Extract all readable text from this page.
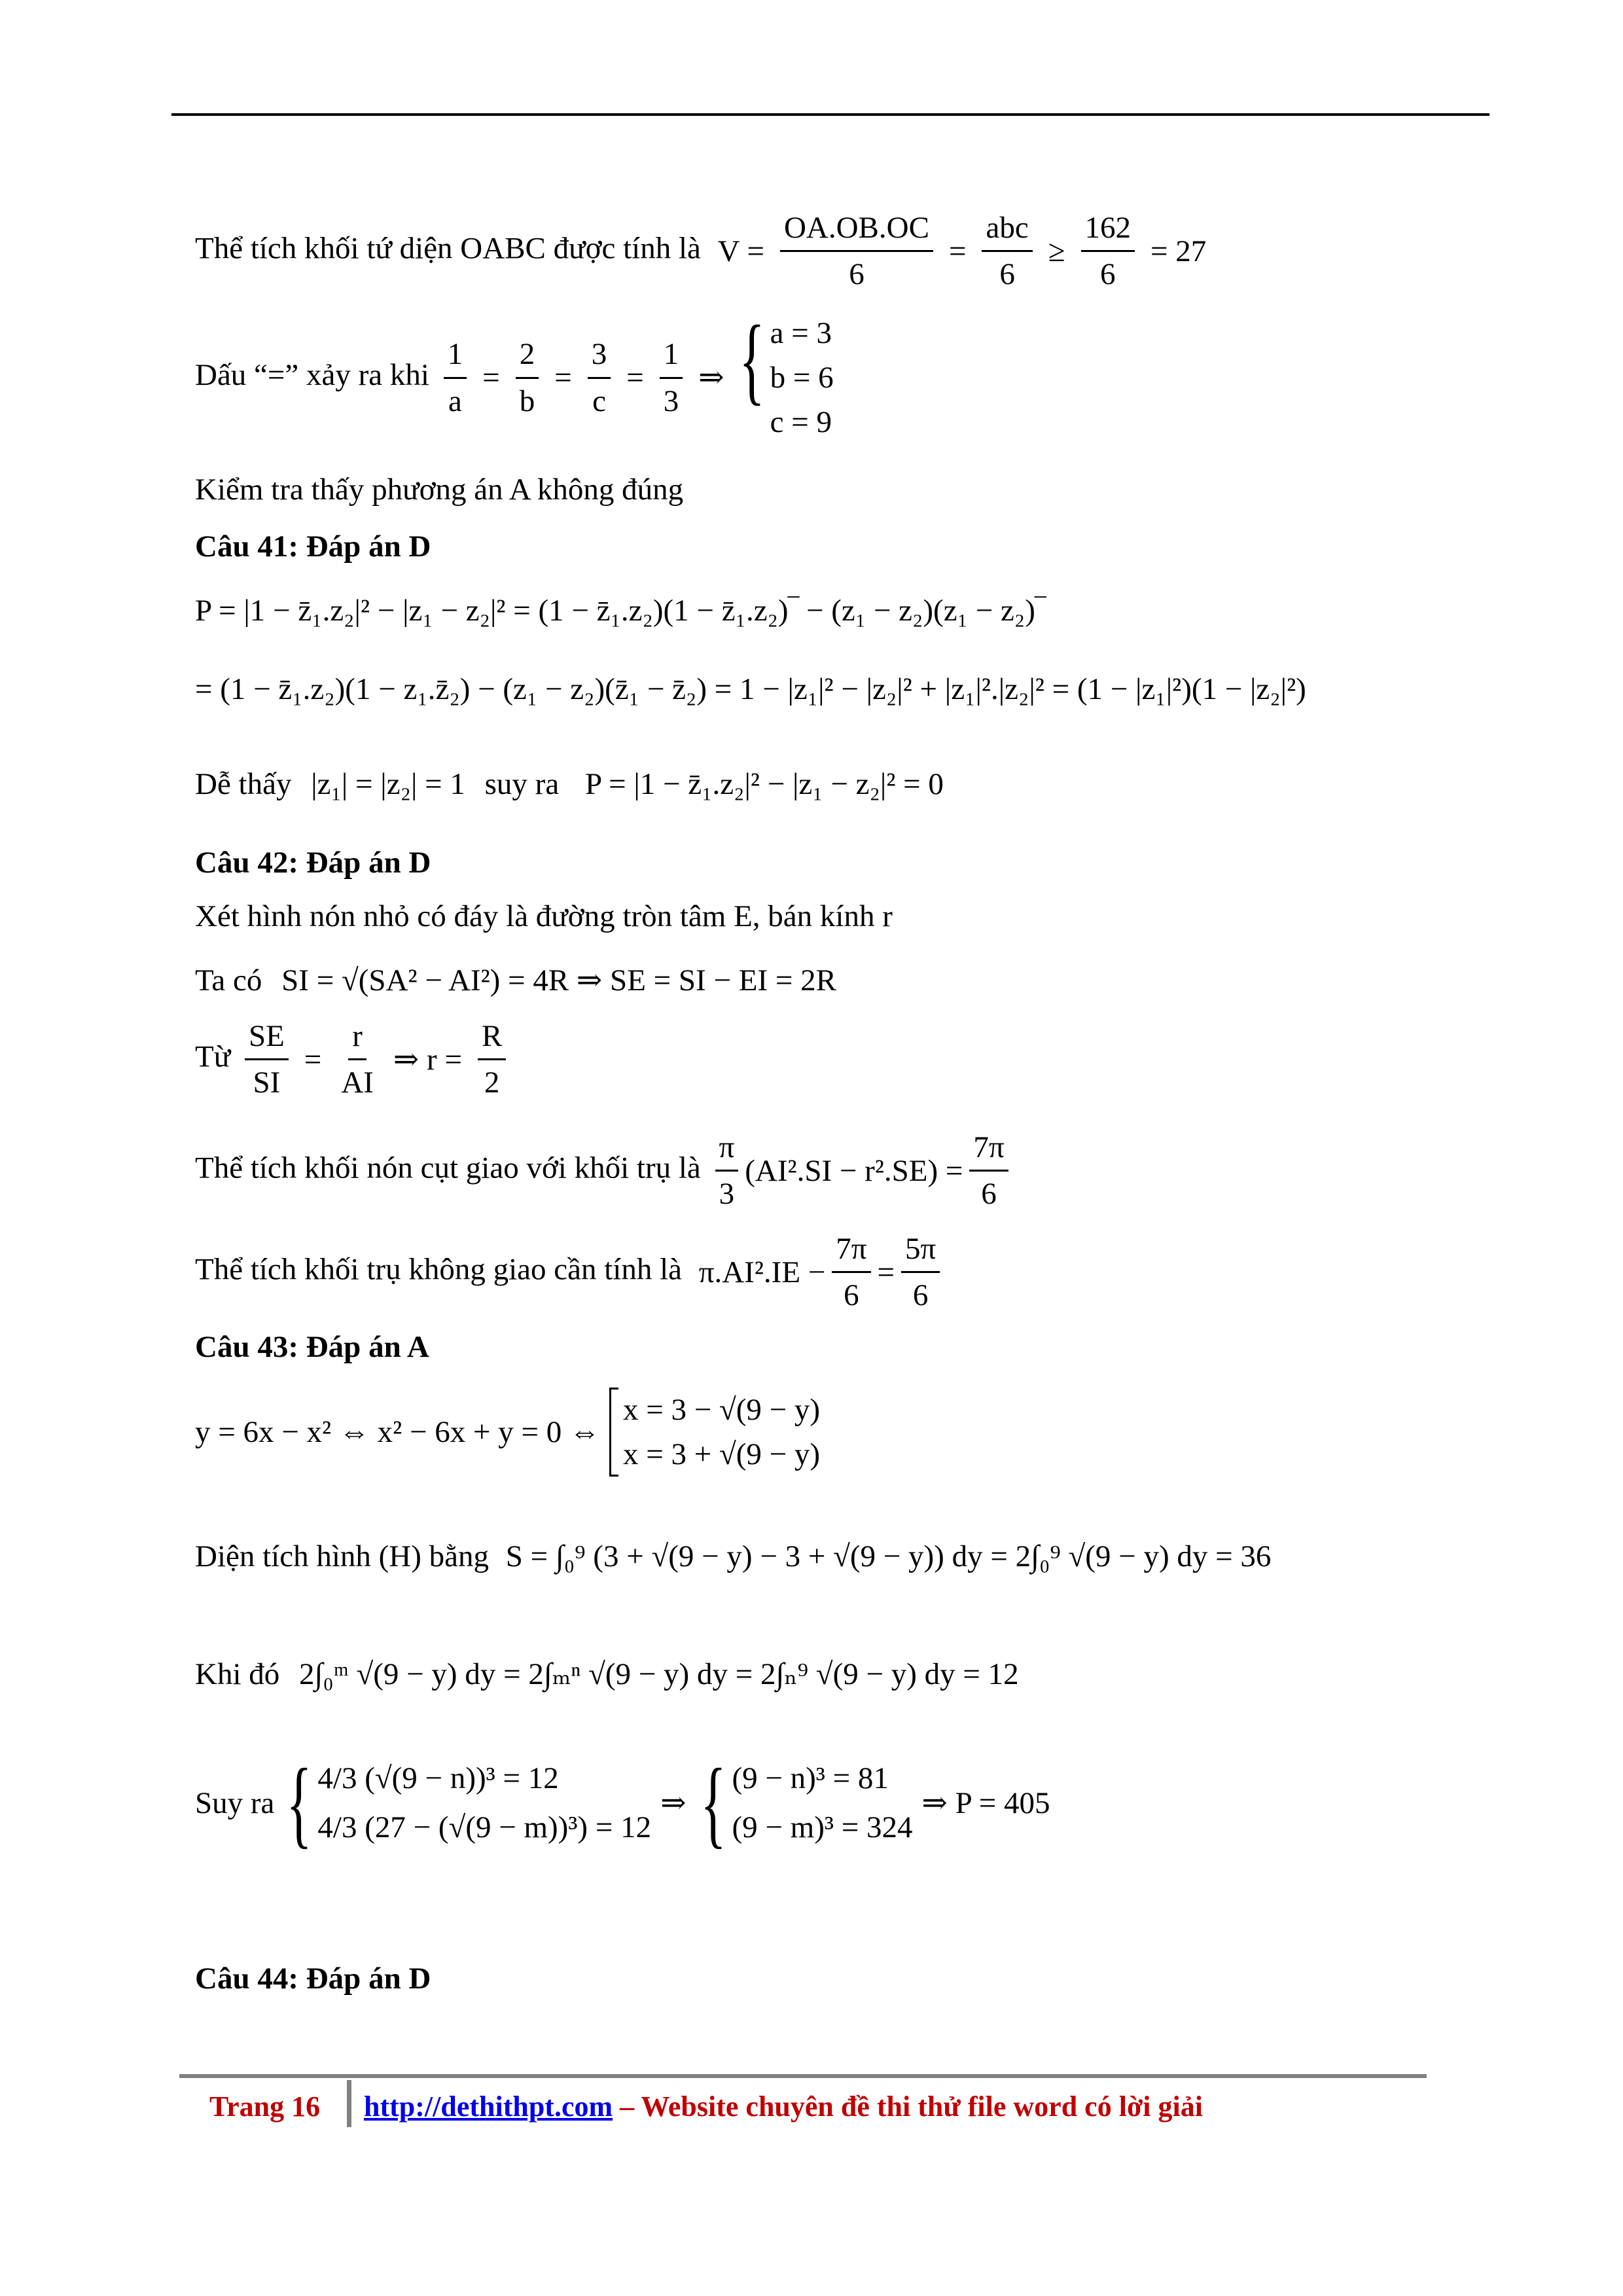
Thể tích khối tứ diện OABC được tính là $V = \frac{OA.OB.OC}{6} = \frac{\text{abc}}{6} \ge \frac{162}{6} = 27$
Dấu “=” xảy ra khi $\frac{1}{a} = \frac{2}{b} = \frac{3}{c} = \frac{1}{3}$ ⇒ { a = 3
b = 6
c = 9
Kiểm tra thấy phương án A không đúng
Câu 41: Đáp án D
P = |1 − z̄₁.z₂|² − |z₁ − z₂|² = (1 − z̄₁.z₂)(1 − z̄₁.z₂)‾ − (z₁ − z₂)(z₁ − z₂)‾
= (1 − z̄₁.z₂)(1 − z₁.z̄₂) − (z₁ − z₂)(z̄₁ − z̄₂) = 1 − |z₁|² − |z₂|² + |z₁|².|z₂|² = (1 − |z₁|²)(1 − |z₂|²)
Dễ thấy |z₁| = |z₂| = 1 suy ra P = |1 − z̄₁.z₂|² − |z₁ − z₂|² = 0
Câu 42: Đáp án D
Xét hình nón nhỏ có đáy là đường tròn tâm E, bán kính r
Ta có SI = √(SA² − AI²) = 4R ⇒ SE = SI − EI = 2R
Từ $\frac{SE}{SI} = \frac{r}{AI}$ ⇒ $r = \frac{R}{2}$
Thể tích khối nón cụt giao với khối trụ là $\frac{\pi}{3} (AI^2.SI - r^2.SE) = \frac{7\pi}{6}$
Thể tích khối trụ không giao cần tính là $\pi.AI^2.IE - \frac{7\pi}{6} = \frac{5\pi}{6}$
Câu 43: Đáp án A
y = 6x − x² ⇔ x² − 6x + y = 0 ⇔
x = 3 − √(9 − y)
x = 3 + √(9 − y)
Diện tích hình (H) bằng S = ∫₀⁹ (3 + √(9 − y) − 3 + √(9 − y)) dy = 2∫₀⁹ √(9 − y) dy = 36
Khi đó 2∫₀ᵐ √(9 − y) dy = 2∫ₘⁿ √(9 − y) dy = 2∫ₙ⁹ √(9 − y) dy = 12
Suy ra { 4/3 (√(9 − n))³ = 12
4/3 (27 − (√(9 − m))³) = 12
⇒ { (9 − n)³ = 81
(9 − m)³ = 324
⇒ P = 405
Câu 44: Đáp án D
Trang 16 http://dethithpt.com – Website chuyên đề thi thử file word có lời giải
